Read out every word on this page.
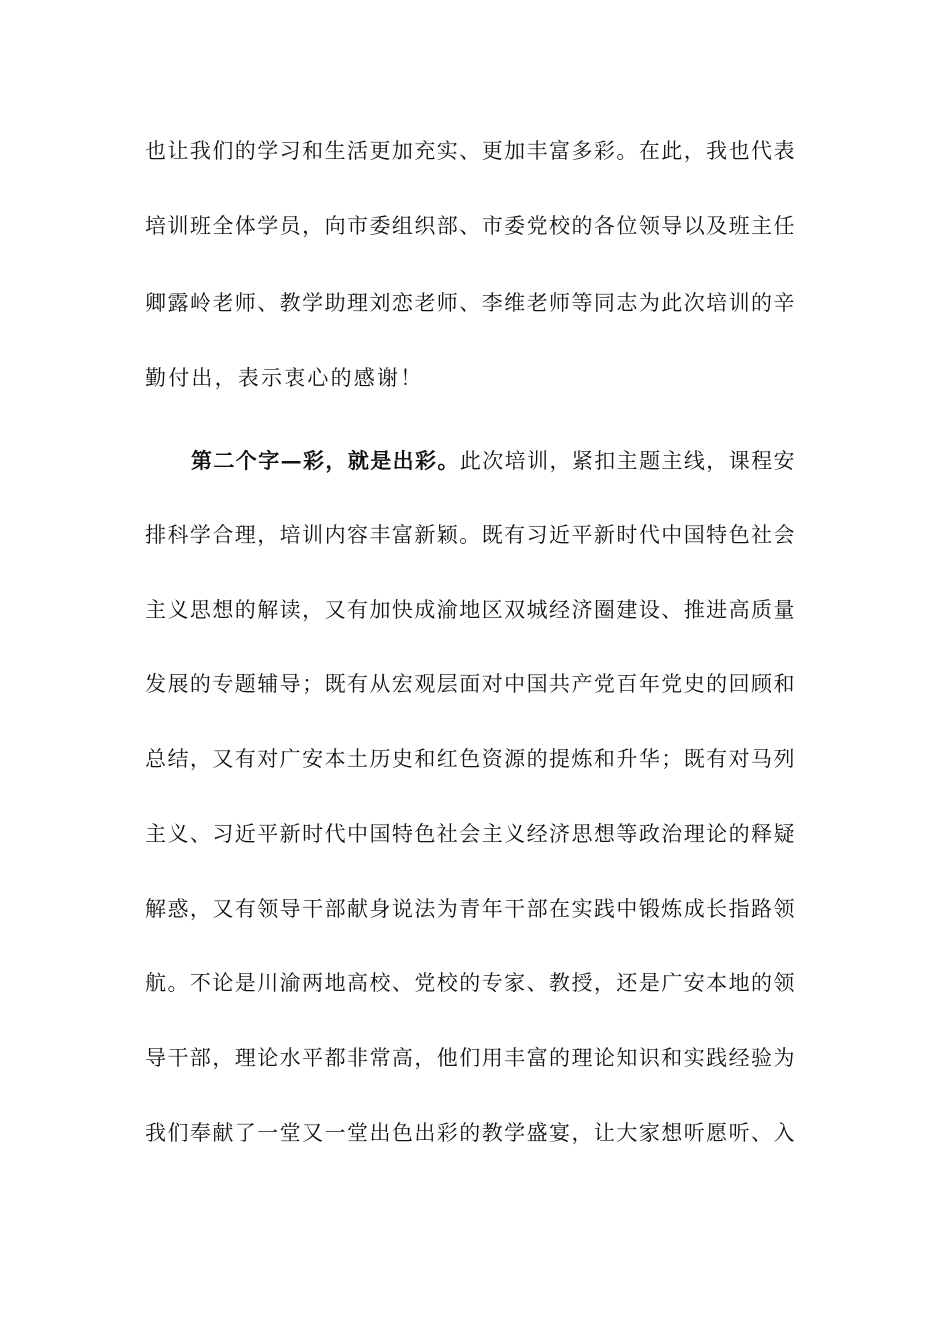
也让我们的学习和生活更加充实、更加丰富多彩。在此，我也代表
培训班全体学员，向市委组织部、市委党校的各位领导以及班主任
卿露岭老师、教学助理刘恋老师、李维老师等同志为此次培训的辛
勤付出，表示衷心的感谢！
第二个字—彩，就是出彩。此次培训，紧扣主题主线，课程安
排科学合理，培训内容丰富新颖。既有习近平新时代中国特色社会
主义思想的解读，又有加快成渝地区双城经济圈建设、推进高质量
发展的专题辅导；既有从宏观层面对中国共产党百年党史的回顾和
总结，又有对广安本土历史和红色资源的提炼和升华；既有对马列
主义、习近平新时代中国特色社会主义经济思想等政治理论的释疑
解惑，又有领导干部献身说法为青年干部在实践中锻炼成长指路领
航。不论是川渝两地高校、党校的专家、教授，还是广安本地的领
导干部，理论水平都非常高，他们用丰富的理论知识和实践经验为
我们奉献了一堂又一堂出色出彩的教学盛宴，让大家想听愿听、入
